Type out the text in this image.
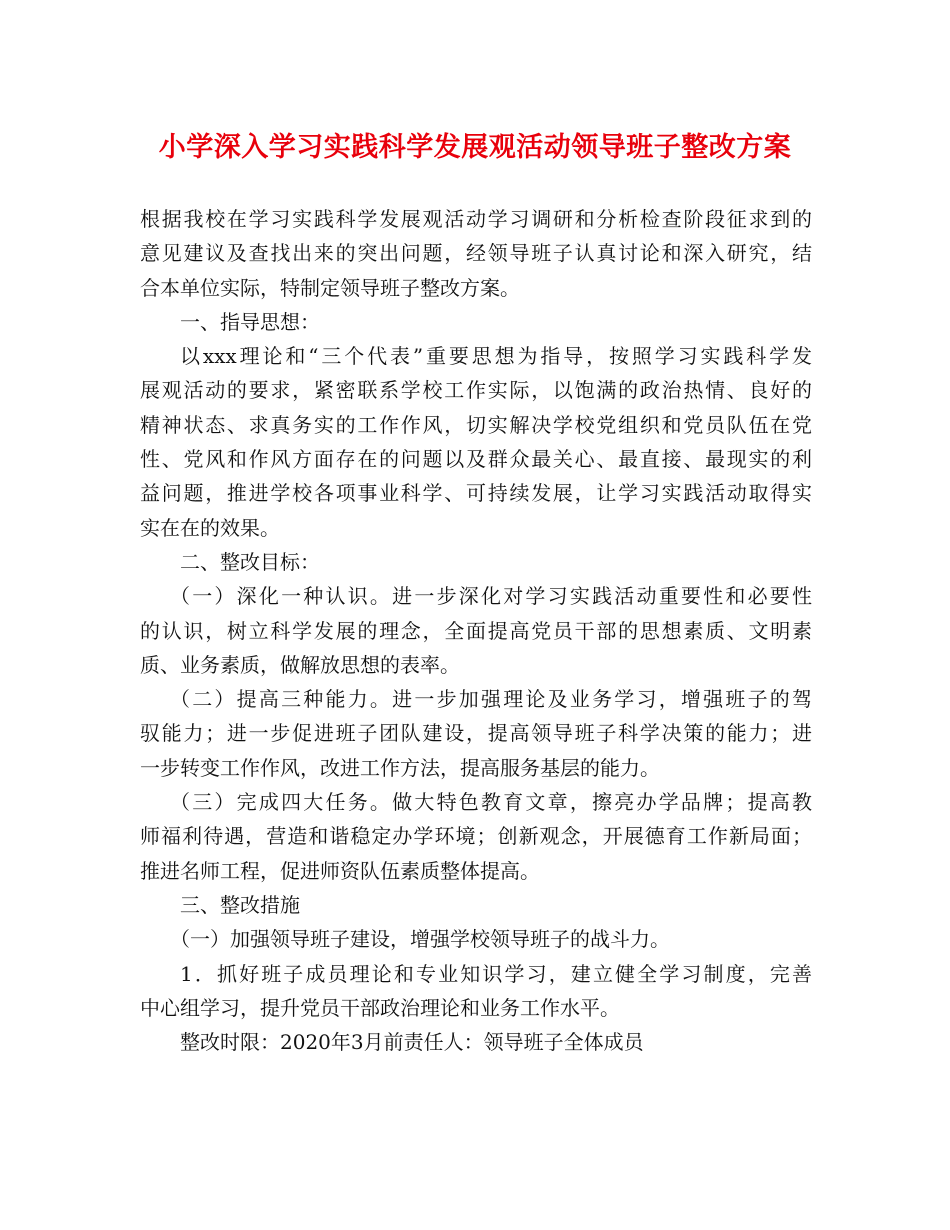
小学深入学习实践科学发展观活动领导班子整改方案
根据我校在学习实践科学发展观活动学习调研和分析检查阶段征求到的
意见建议及查找出来的突出问题，经领导班子认真讨论和深入研究，结
合本单位实际，特制定领导班子整改方案。
一、指导思想：
以xxx理论和“三个代表”重要思想为指导，按照学习实践科学发
展观活动的要求，紧密联系学校工作实际，以饱满的政治热情、良好的
精神状态、求真务实的工作作风，切实解决学校党组织和党员队伍在党
性、党风和作风方面存在的问题以及群众最关心、最直接、最现实的利
益问题，推进学校各项事业科学、可持续发展，让学习实践活动取得实
实在在的效果。
二、整改目标：
（一）深化一种认识。进一步深化对学习实践活动重要性和必要性
的认识，树立科学发展的理念，全面提高党员干部的思想素质、文明素
质、业务素质，做解放思想的表率。
（二）提高三种能力。进一步加强理论及业务学习，增强班子的驾
驭能力；进一步促进班子团队建设，提高领导班子科学决策的能力；进
一步转变工作作风，改进工作方法，提高服务基层的能力。
（三）完成四大任务。做大特色教育文章，擦亮办学品牌；提高教
师福利待遇，营造和谐稳定办学环境；创新观念，开展德育工作新局面；
推进名师工程，促进师资队伍素质整体提高。
三、整改措施
（一）加强领导班子建设，增强学校领导班子的战斗力。
1．抓好班子成员理论和专业知识学习，建立健全学习制度，完善
中心组学习，提升党员干部政治理论和业务工作水平。
整改时限：2020年3月前责任人：领导班子全体成员
